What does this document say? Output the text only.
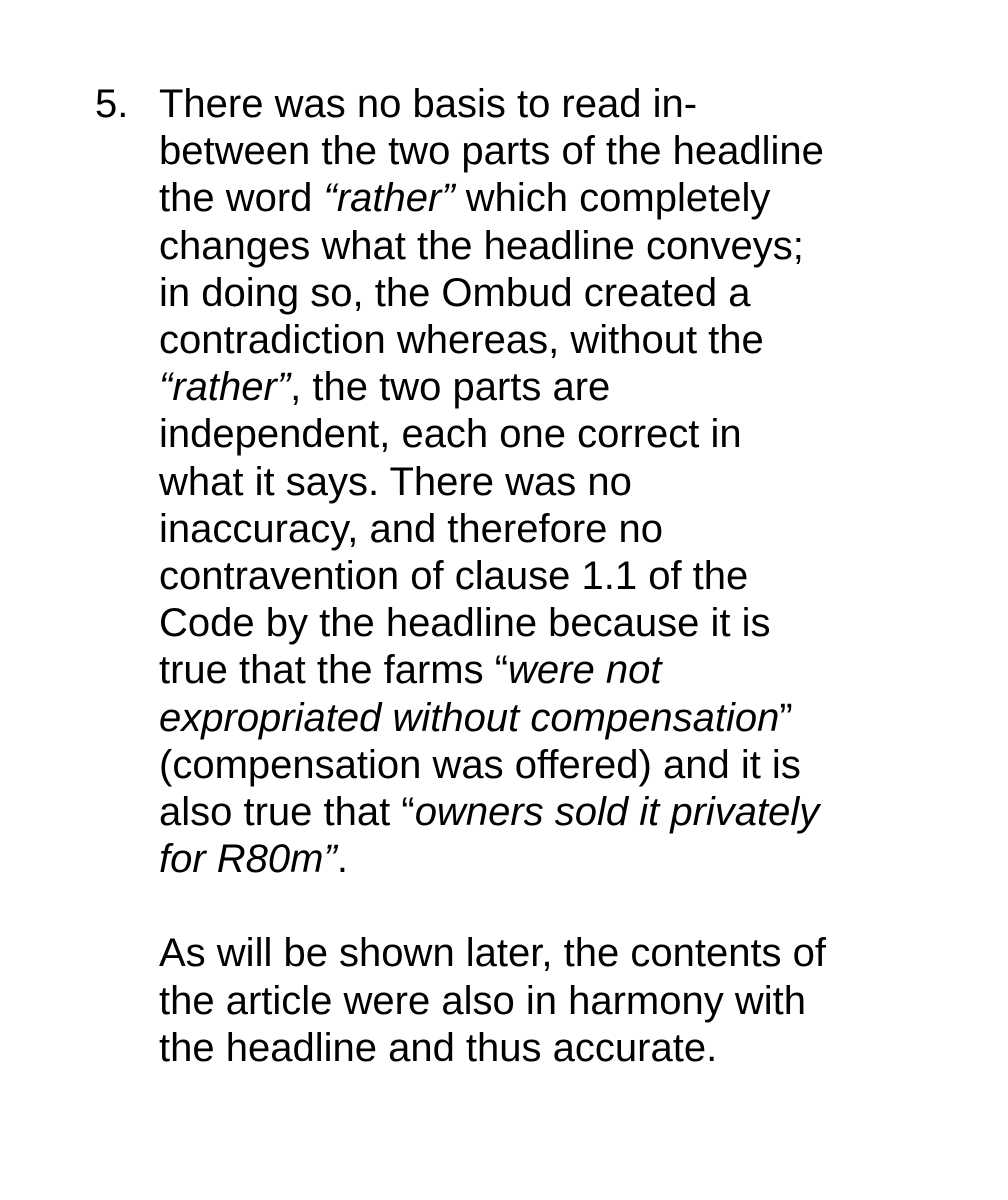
5. There was no basis to read in-
between the two parts of the headline
the word “rather” which completely
changes what the headline conveys;
in doing so, the Ombud created a
contradiction whereas, without the
“rather”, the two parts are
independent, each one correct in
what it says. There was no
inaccuracy, and therefore no
contravention of clause 1.1 of the
Code by the headline because it is
true that the farms “were not
expropriated without compensation”
(compensation was offered) and it is
also true that “owners sold it privately
for R80m”.
As will be shown later, the contents of
the article were also in harmony with
the headline and thus accurate.
